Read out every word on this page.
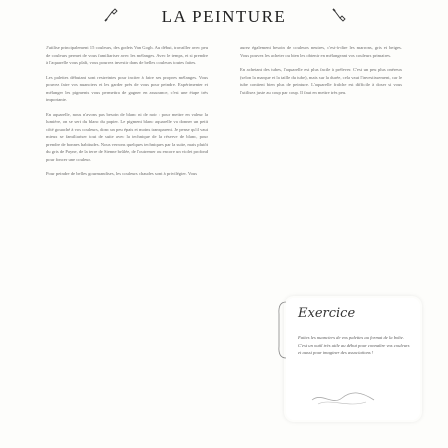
LA PEINTURE

J'utilise principalement 15 couleurs, des godets Van Gogh. Au début, travailler avec peu de couleurs permet de vous familiariser avec les mélanges. Avec le temps, et si prendre à l'aquarelle vous plaît, vous pourrez investir dans de belles couleurs toutes faites.

Les palettes débutant sont restreintes pour inciter à faire ses propres mélanges. Vous pouvez faire vos nuanciers et les garder près de vous pour peindre. Expérimenter et mélanger les pigments vous permettra de gagner en assurance, c'est une étape très importante.

En aquarelle, nous n'avons pas besoin de blanc ni de noir : pour mettre en valeur la lumière, on se sert du blanc du papier. Le pigment blanc aquarelle va donner un petit côté gouaché à vos couleurs, donc un peu épais et moins transparent. Je pense qu'il vaut mieux se familiariser tout de suite avec la technique de la réserve de blanc, pour prendre de bonnes habitudes. Nous verrons quelques techniques par la suite, mais plutôt du gris de Payne, de la terre de Sienne brûlée, de l'outremer ou encore un violet profond pour foncer une couleur.

Pour peindre de belles gourmandises, les couleurs chaudes sont à privilégier. Vous

aurez également besoin de couleurs neutres, c'est-à-dire les marrons, gris et beiges. Vous pouvez les acheter ou bien les obtenir en mélangeant vos couleurs primaires.

En achetant des tubes, l'aquarelle est plus facile à prélever. C'est un peu plus onéreux (selon la marque et la taille du tube), mais sur la durée, cela vaut l'investissement, car le tube contient bien plus de peinture. L'aquarelle fraîche est difficile à doser si vous l'utilisez juste au coup par coup. Il faut en mettre très peu.

Exercice
Faites les nuanciers de vos palettes au format de la boîte. C'est un outil très utile au début pour connaître vos couleurs et aussi pour imaginer des associations !
